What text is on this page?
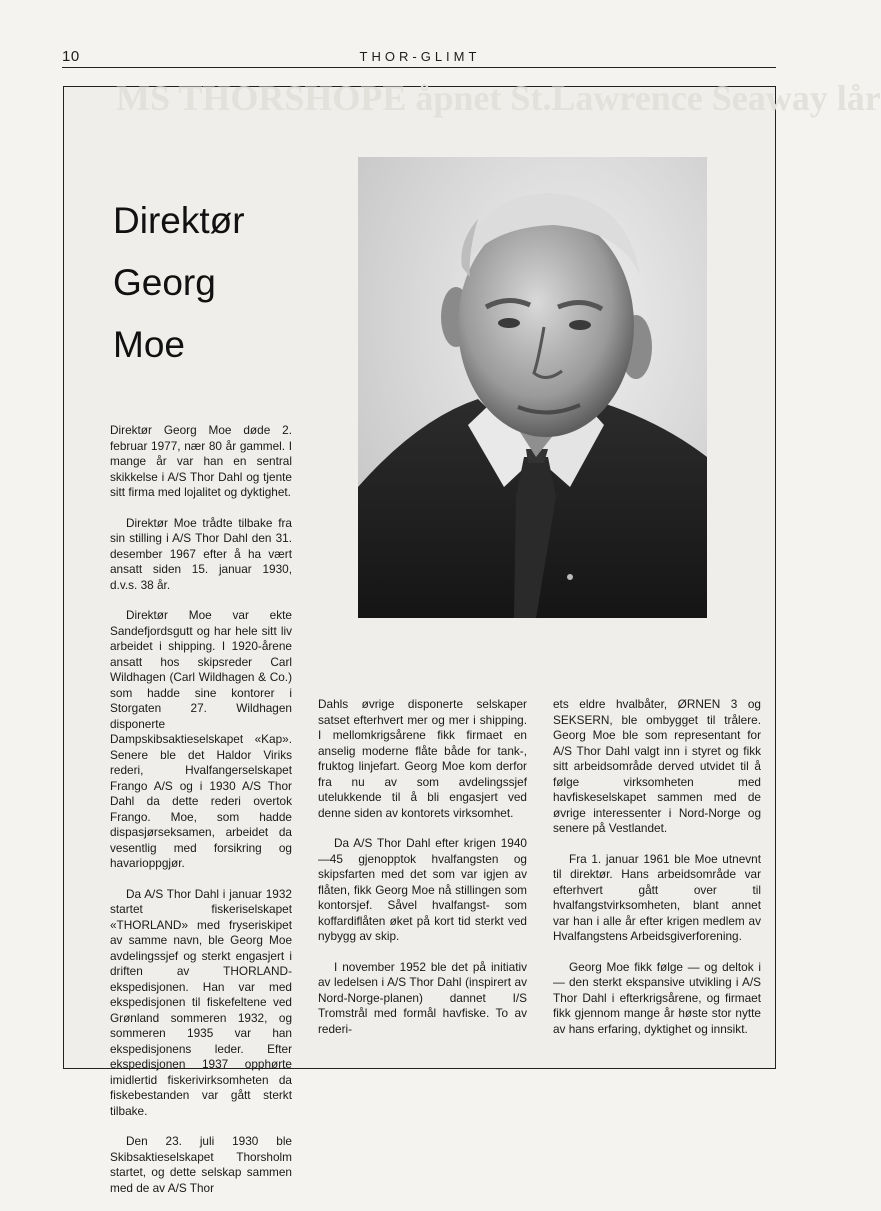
10	THOR-GLIMT
MS THORSHOPE åpnet St.Lawrence Seaway lår
Direktør
Georg
Moe

Direktør Georg Moe døde 2. februar 1977, nær 80 år gammel. I mange år var han en sentral skikkelse i A/S Thor Dahl og tjente sitt firma med lojalitet og dyktighet.

Direktør Moe trådte tilbake fra sin stilling i A/S Thor Dahl den 31. desember 1967 efter å ha vært ansatt siden 15. januar 1930, d.v.s. 38 år.

Direktør Moe var ekte Sandefjordsgutt og har hele sitt liv arbeidet i shipping. I 1920-årene ansatt hos skipsreder Carl Wildhagen (Carl Wildhagen & Co.) som hadde sine kontorer i Storgaten 27. Wildhagen disponerte Dampskibsaktieselskapet «Kap». Senere ble det Haldor Viriks rederi, Hvalfangerselskapet Frango A/S og i 1930 A/S Thor Dahl da dette rederi overtok Frango. Moe, som hadde dispasjørseksamen, arbeidet da vesentlig med forsikring og havarioppgjør.

Da A/S Thor Dahl i januar 1932 startet fiskeriselskapet «THORLAND» med fryseriskipet av samme navn, ble Georg Moe avdelingssjef og sterkt engasjert i driften av THORLAND-ekspedisjonen. Han var med ekspedisjonen til fiskefeltene ved Grønland sommeren 1932, og sommeren 1935 var han ekspedisjonens leder. Efter ekspedisjonen 1937 opphørte imidlertid fiskerivirksomheten da fiskebestanden var gått sterkt tilbake.

Den 23. juli 1930 ble Skibsaktieselskapet Thorsholm startet, og dette selskap sammen med de av A/S Thor

Dahls øvrige disponerte selskaper satset efterhvert mer og mer i shipping. I mellomkrigsårene fikk firmaet en anselig moderne flåte både for tank-, fruktog linjefart. Georg Moe kom derfor fra nu av som avdelingssjef utelukkende til å bli engasjert ved denne siden av kontorets virksomhet.

Da A/S Thor Dahl efter krigen 1940—45 gjenopptok hvalfangsten og skipsfarten med det som var igjen av flåten, fikk Georg Moe nå stillingen som kontorsjef. Såvel hvalfangst- som koffardiflåten øket på kort tid sterkt ved nybygg av skip.

I november 1952 ble det på initiativ av ledelsen i A/S Thor Dahl (inspirert av Nord-Norge-planen) dannet I/S Tromstrål med formål havfiske. To av rederi-

ets eldre hvalbåter, ØRNEN 3 og SEKSERN, ble ombygget til trålere. Georg Moe ble som representant for A/S Thor Dahl valgt inn i styret og fikk sitt arbeidsområde derved utvidet til å følge virksomheten med havfiskeselskapet sammen med de øvrige interessenter i Nord-Norge og senere på Vestlandet.

Fra 1. januar 1961 ble Moe utnevnt til direktør. Hans arbeidsområde var efterhvert gått over til hvalfangstvirksomheten, blant annet var han i alle år efter krigen medlem av Hvalfangstens Arbeidsgiverforening.

Georg Moe fikk følge — og deltok i — den sterkt ekspansive utvikling i A/S Thor Dahl i efterkrigsårene, og firmaet fikk gjennom mange år høste stor nytte av hans erfaring, dyktighet og innsikt.
